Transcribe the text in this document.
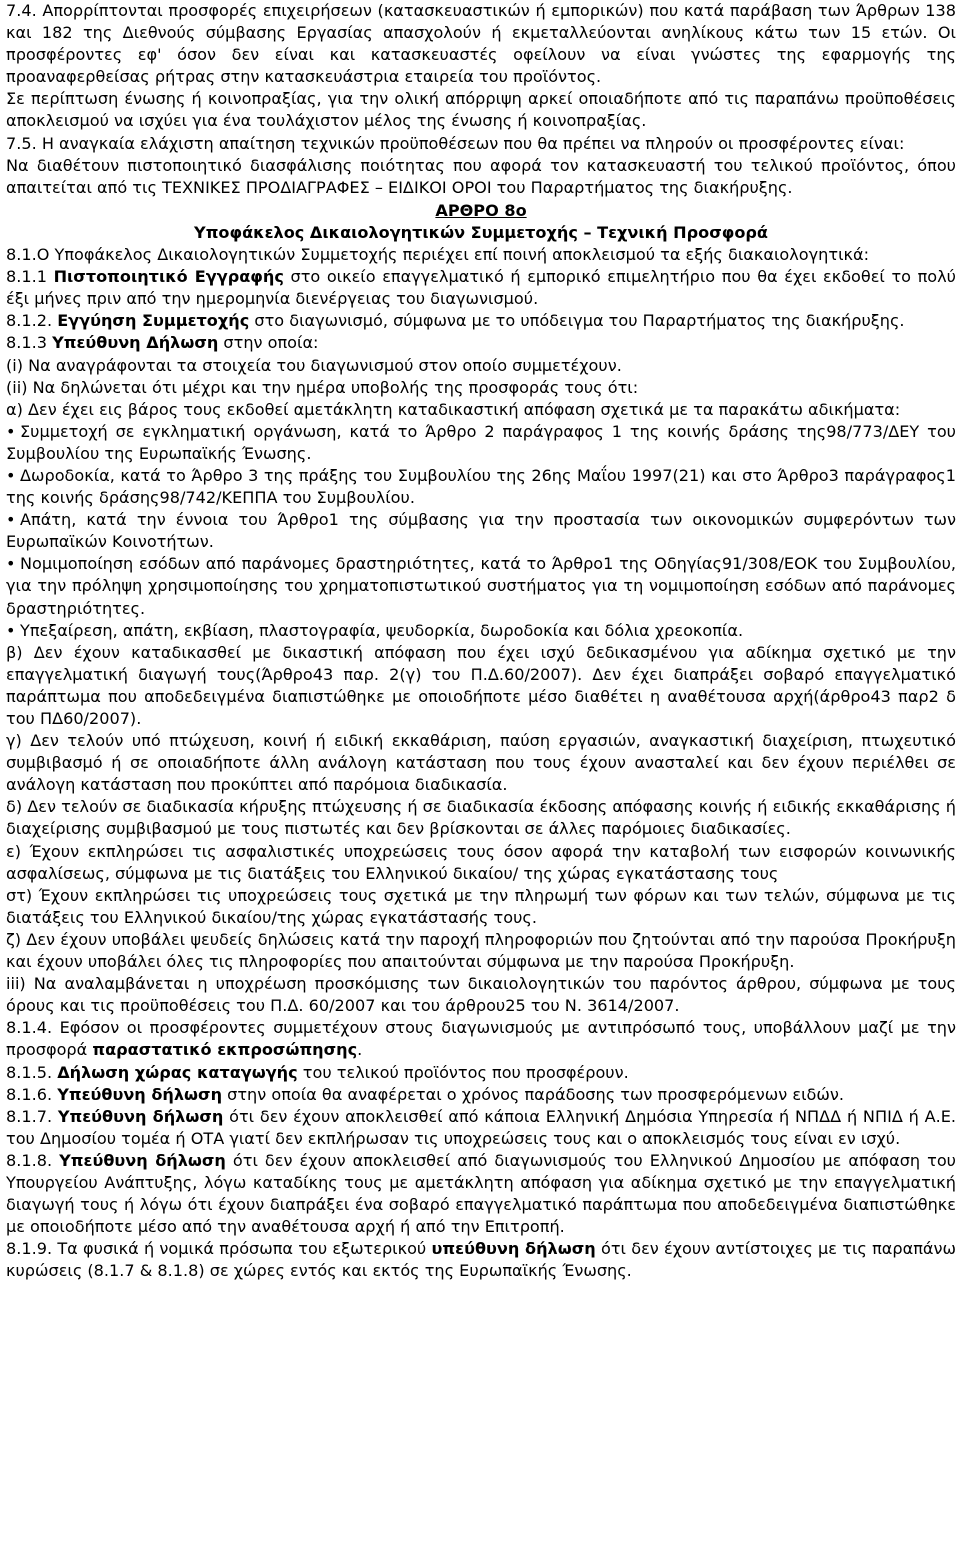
7.4. Απορρίπτονται προσφορές επιχειρήσεων (κατασκευαστικών ή εμπορικών) που κατά παράβαση των Άρθρων 138 και 182 της Διεθνούς σύμβασης Εργασίας απασχολούν ή εκμεταλλεύονται ανηλίκους κάτω των 15 ετών. Οι προσφέροντες εφ' όσον δεν είναι και κατασκευαστές οφείλουν να είναι γνώστες της εφαρμογής της προαναφερθείσας ρήτρας στην κατασκευάστρια εταιρεία του προϊόντος.

Σε περίπτωση ένωσης ή κοινοπραξίας, για την ολική απόρριψη αρκεί οποιαδήποτε από τις παραπάνω προϋποθέσεις αποκλεισμού να ισχύει για ένα τουλάχιστον μέλος της ένωσης ή κοινοπραξίας.

7.5. Η αναγκαία ελάχιστη απαίτηση τεχνικών προϋποθέσεων που θα πρέπει να πληρούν οι προσφέροντες είναι:

Να διαθέτουν πιστοποιητικό διασφάλισης ποιότητας που αφορά τον κατασκευαστή του τελικού προϊόντος, όπου απαιτείται από τις ΤΕΧΝΙΚΕΣ ΠΡΟΔΙΑΓΡΑΦΕΣ – ΕΙΔΙΚΟΙ ΟΡΟΙ του Παραρτήματος της διακήρυξης.

ΑΡΘΡΟ 8ο

Υποφάκελος Δικαιολογητικών Συμμετοχής – Τεχνική Προσφορά

8.1.Ο Υποφάκελος Δικαιολογητικών Συμμετοχής περιέχει επί ποινή αποκλεισμού τα εξής διακαιολογητικά:

8.1.1 Πιστοποιητικό Εγγραφής στο οικείο επαγγελματικό ή εμπορικό επιμελητήριο που θα έχει εκδοθεί το πολύ έξι μήνες πριν από την ημερομηνία διενέργειας του διαγωνισμού.

8.1.2. Εγγύηση Συμμετοχής στο διαγωνισμό, σύμφωνα με το υπόδειγμα του Παραρτήματος της διακήρυξης.

8.1.3 Υπεύθυνη Δήλωση στην οποία:

(i) Να αναγράφονται τα στοιχεία του διαγωνισμού στον οποίο συμμετέχουν.

(ii) Να δηλώνεται ότι μέχρι και την ημέρα υποβολής της προσφοράς τους ότι:

α) Δεν έχει εις βάρος τους εκδοθεί αμετάκλητη καταδικαστική απόφαση σχετικά με τα παρακάτω αδικήματα:

• Συμμετοχή σε εγκληματική οργάνωση, κατά το Άρθρο 2 παράγραφος 1 της κοινής δράσης της98/773/ΔΕΥ του Συμβουλίου της Ευρωπαϊκής Ένωσης.

• Δωροδοκία, κατά το Άρθρο 3 της πράξης του Συμβουλίου της 26ης Μαΐου 1997(21) και στο Άρθρο3 παράγραφος1 της κοινής δράσης98/742/ΚΕΠΠΑ του Συμβουλίου.

• Απάτη, κατά την έννοια του Άρθρο1 της σύμβασης για την προστασία των οικονομικών συμφερόντων των Ευρωπαϊκών Κοινοτήτων.

• Νομιμοποίηση εσόδων από παράνομες δραστηριότητες, κατά το Άρθρο1 της Οδηγίας91/308/ΕΟΚ του Συμβουλίου, για την πρόληψη χρησιμοποίησης του χρηματοπιστωτικού συστήματος για τη νομιμοποίηση εσόδων από παράνομες δραστηριότητες.

• Υπεξαίρεση, απάτη, εκβίαση, πλαστογραφία, ψευδορκία, δωροδοκία και δόλια χρεοκοπία.

β) Δεν έχουν καταδικασθεί με δικαστική απόφαση που έχει ισχύ δεδικασμένου για αδίκημα σχετικό με την επαγγελματική διαγωγή τους(Άρθρο43 παρ. 2(γ) του Π.Δ.60/2007). Δεν έχει διαπράξει σοβαρό επαγγελματικό παράπτωμα που αποδεδειγμένα διαπιστώθηκε με οποιοδήποτε μέσο διαθέτει η αναθέτουσα αρχή(άρθρο43 παρ2 δ του ΠΔ60/2007).

γ) Δεν τελούν υπό πτώχευση, κοινή ή ειδική εκκαθάριση, παύση εργασιών, αναγκαστική διαχείριση, πτωχευτικό συμβιβασμό ή σε οποιαδήποτε άλλη ανάλογη κατάσταση που τους έχουν ανασταλεί και δεν έχουν περιέλθει σε ανάλογη κατάσταση που προκύπτει από παρόμοια διαδικασία.

δ) Δεν τελούν σε διαδικασία κήρυξης πτώχευσης ή σε διαδικασία έκδοσης απόφασης κοινής ή ειδικής εκκαθάρισης ή διαχείρισης συμβιβασμού με τους πιστωτές και δεν βρίσκονται σε άλλες παρόμοιες διαδικασίες.

ε) Έχουν εκπληρώσει τις ασφαλιστικές υποχρεώσεις τους όσον αφορά την καταβολή των εισφορών κοινωνικής ασφαλίσεως, σύμφωνα με τις διατάξεις του Ελληνικού δικαίου/ της χώρας εγκατάστασης τους

στ) Έχουν εκπληρώσει τις υποχρεώσεις τους σχετικά με την πληρωμή των φόρων και των τελών, σύμφωνα με τις διατάξεις του Ελληνικού δικαίου/της χώρας εγκατάστασής τους.

ζ) Δεν έχουν υποβάλει ψευδείς δηλώσεις κατά την παροχή πληροφοριών που ζητούνται από την παρούσα Προκήρυξη και έχουν υποβάλει όλες τις πληροφορίες που απαιτούνται σύμφωνα με την παρούσα Προκήρυξη.

iii) Να αναλαμβάνεται η υποχρέωση προσκόμισης των δικαιολογητικών του παρόντος άρθρου, σύμφωνα με τους όρους και τις προϋποθέσεις του Π.Δ. 60/2007 και του άρθρου25 του Ν. 3614/2007.

8.1.4. Εφόσον οι προσφέροντες συμμετέχουν στους διαγωνισμούς με αντιπρόσωπό τους, υποβάλλουν μαζί με την προσφορά παραστατικό εκπροσώπησης.

8.1.5. Δήλωση χώρας καταγωγής του τελικού προϊόντος που προσφέρουν.

8.1.6. Υπεύθυνη δήλωση στην οποία θα αναφέρεται ο χρόνος παράδοσης των προσφερόμενων ειδών.

8.1.7. Υπεύθυνη δήλωση ότι δεν έχουν αποκλεισθεί από κάποια Ελληνική Δημόσια Υπηρεσία ή ΝΠΔΔ ή ΝΠΙΔ ή Α.Ε. του Δημοσίου τομέα ή ΟΤΑ γιατί δεν εκπλήρωσαν τις υποχρεώσεις τους και ο αποκλεισμός τους είναι εν ισχύ.

8.1.8. Υπεύθυνη δήλωση ότι δεν έχουν αποκλεισθεί από διαγωνισμούς του Ελληνικού Δημοσίου με απόφαση του Υπουργείου Ανάπτυξης, λόγω καταδίκης τους με αμετάκλητη απόφαση για αδίκημα σχετικό με την επαγγελματική διαγωγή τους ή λόγω ότι έχουν διαπράξει ένα σοβαρό επαγγελματικό παράπτωμα που αποδεδειγμένα διαπιστώθηκε με οποιοδήποτε μέσο από την αναθέτουσα αρχή ή από την Επιτροπή.

8.1.9. Τα φυσικά ή νομικά πρόσωπα του εξωτερικού υπεύθυνη δήλωση ότι δεν έχουν αντίστοιχες με τις παραπάνω κυρώσεις (8.1.7 & 8.1.8) σε χώρες εντός και εκτός της Ευρωπαϊκής Ένωσης.
